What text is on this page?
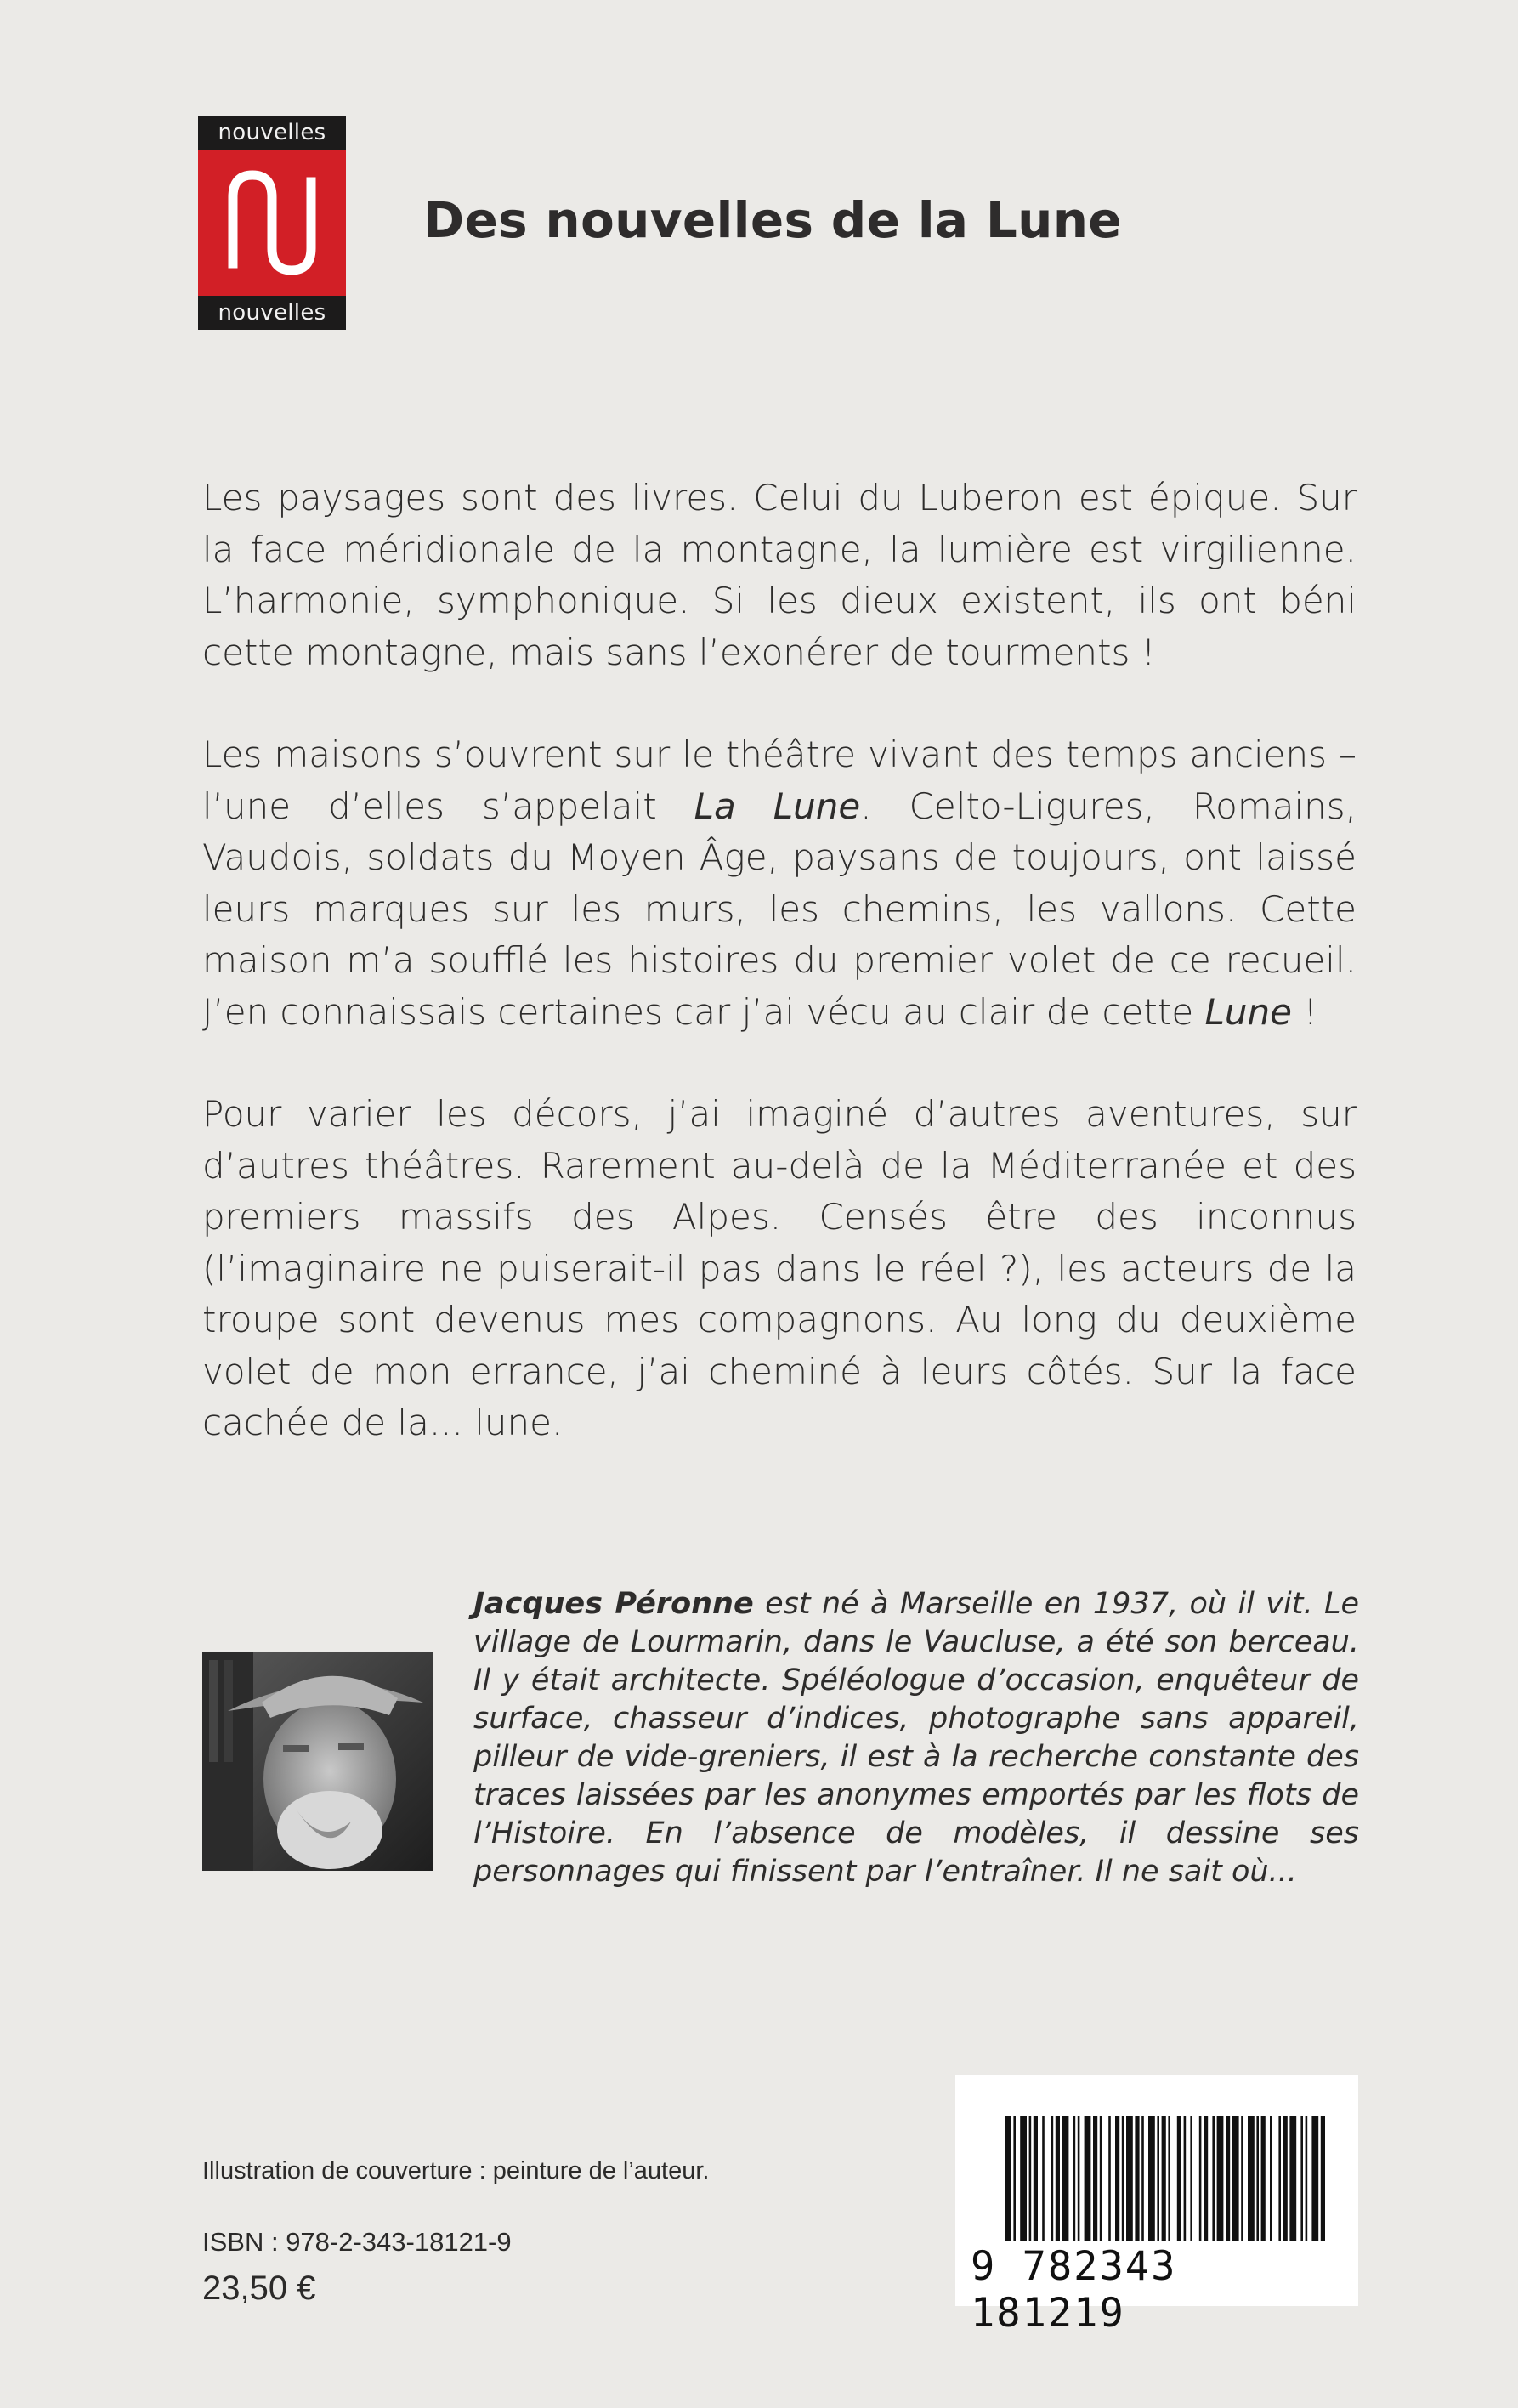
nouvelles
nouvelles
Des nouvelles de la Lune

Les paysages sont des livres. Celui du Luberon est épique. Sur la face méridionale de la montagne, la lumière est virgilienne. L’harmonie, symphonique. Si les dieux existent, ils ont béni cette montagne, mais sans l’exonérer de tourments !

Les maisons s’ouvrent sur le théâtre vivant des temps anciens – l’une d’elles s’appelait La Lune. Celto-Ligures, Romains, Vaudois, soldats du Moyen Âge, paysans de toujours, ont laissé leurs marques sur les murs, les chemins, les vallons. Cette maison m’a soufflé les histoires du premier volet de ce recueil. J’en connaissais certaines car j’ai vécu au clair de cette Lune !

Pour varier les décors, j’ai imaginé d’autres aventures, sur d’autres théâtres. Rarement au-delà de la Méditerranée et des premiers massifs des Alpes. Censés être des inconnus (l’imaginaire ne puiserait-il pas dans le réel ?), les acteurs de la troupe sont devenus mes compagnons. Au long du deuxième volet de mon errance, j’ai cheminé à leurs côtés. Sur la face cachée de la... lune.

Jacques Péronne est né à Marseille en 1937, où il vit. Le village de Lourmarin, dans le Vaucluse, a été son berceau. Il y était architecte. Spéléologue d’occasion, enquêteur de surface, chasseur d’indices, photographe sans appareil, pilleur de vide-greniers, il est à la recherche constante des traces laissées par les anonymes emportés par les flots de l’Histoire. En l’absence de modèles, il dessine ses personnages qui finissent par l’entraîner. Il ne sait où...

Illustration de couverture : peinture de l’auteur.

ISBN : 978-2-343-18121-9

23,50 €	9 782343 181219
